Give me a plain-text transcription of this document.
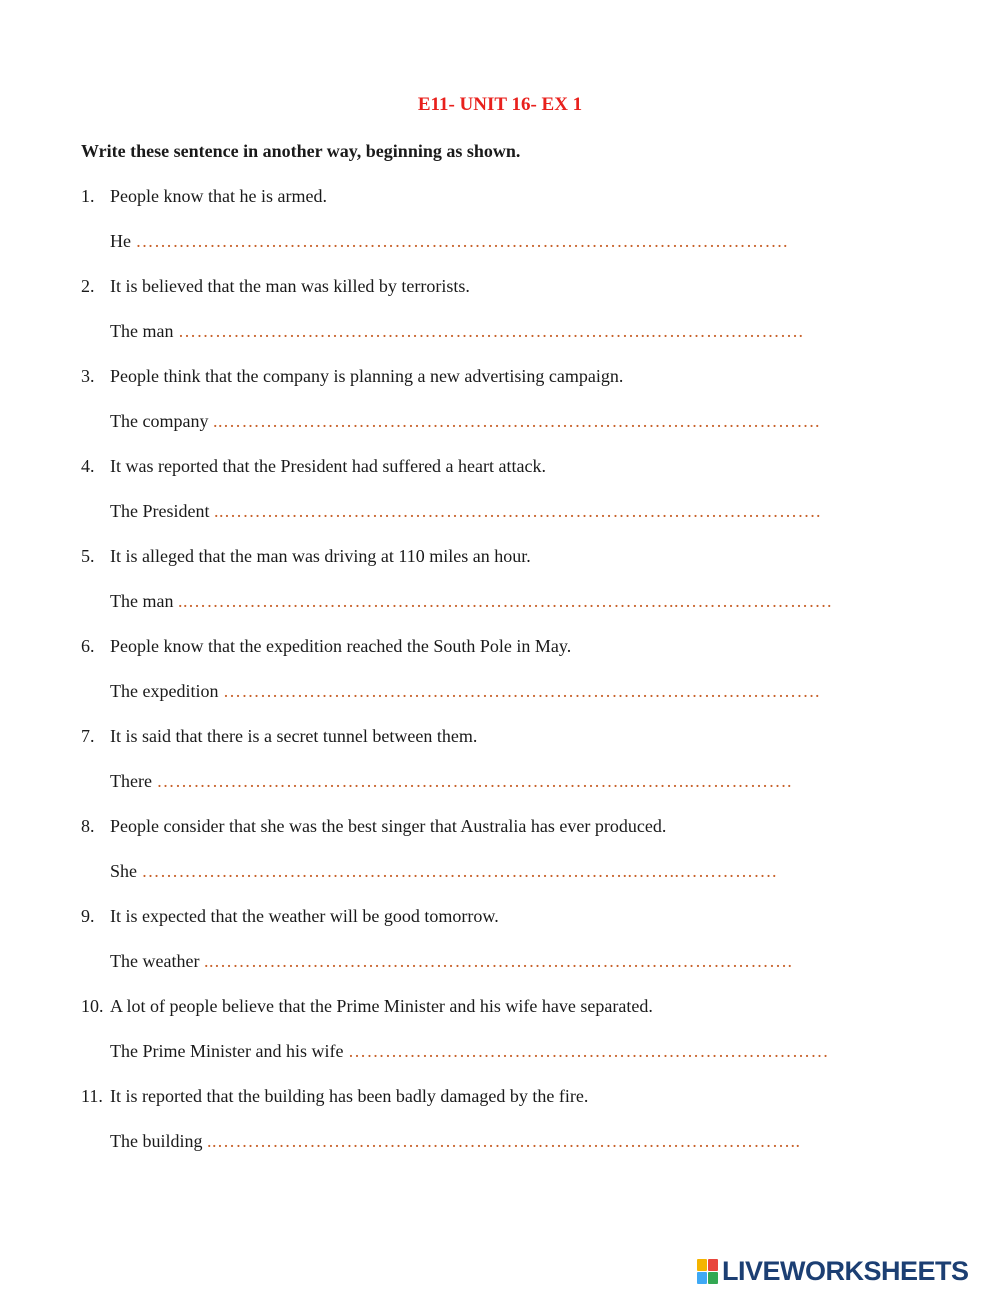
E11- UNIT 16- EX 1
Write these sentence in another way, beginning as shown.
1. People know that he is armed.
He …………………………………………………………………………………………….
2. It is believed that the man was killed by terrorists.
The man …………………………………………………………………..…………………….
3. People think that the company is planning a new advertising campaign.
The company ..…………………………………………………………………………………….
4. It was reported that the President had suffered a heart attack.
The President ..…………………………………………………………………………………….
5. It is alleged that the man was driving at 110 miles an hour.
The man ..……………………………………………………………………..…………………….
6. People know that the expedition reached the South Pole in May.
The expedition …………………………………………………………………………………….
7. It is said that there is a secret tunnel between them.
There …………………………………………………………………..………..…………….
8. People consider that she was the best singer that Australia has ever produced.
She ……………………………………………………………………..……..…………….
9. It is expected that the weather will be good tomorrow.
The weather ..………………………………………………………………………………….
10. A lot of people believe that the Prime Minister and his wife have separated.
The Prime Minister and his wife ……………………………………………………………………
11. It is reported that the building has been badly damaged by the fire.
The building ..…………………………………………………………………………………..
LIVEWORKSHEETS
